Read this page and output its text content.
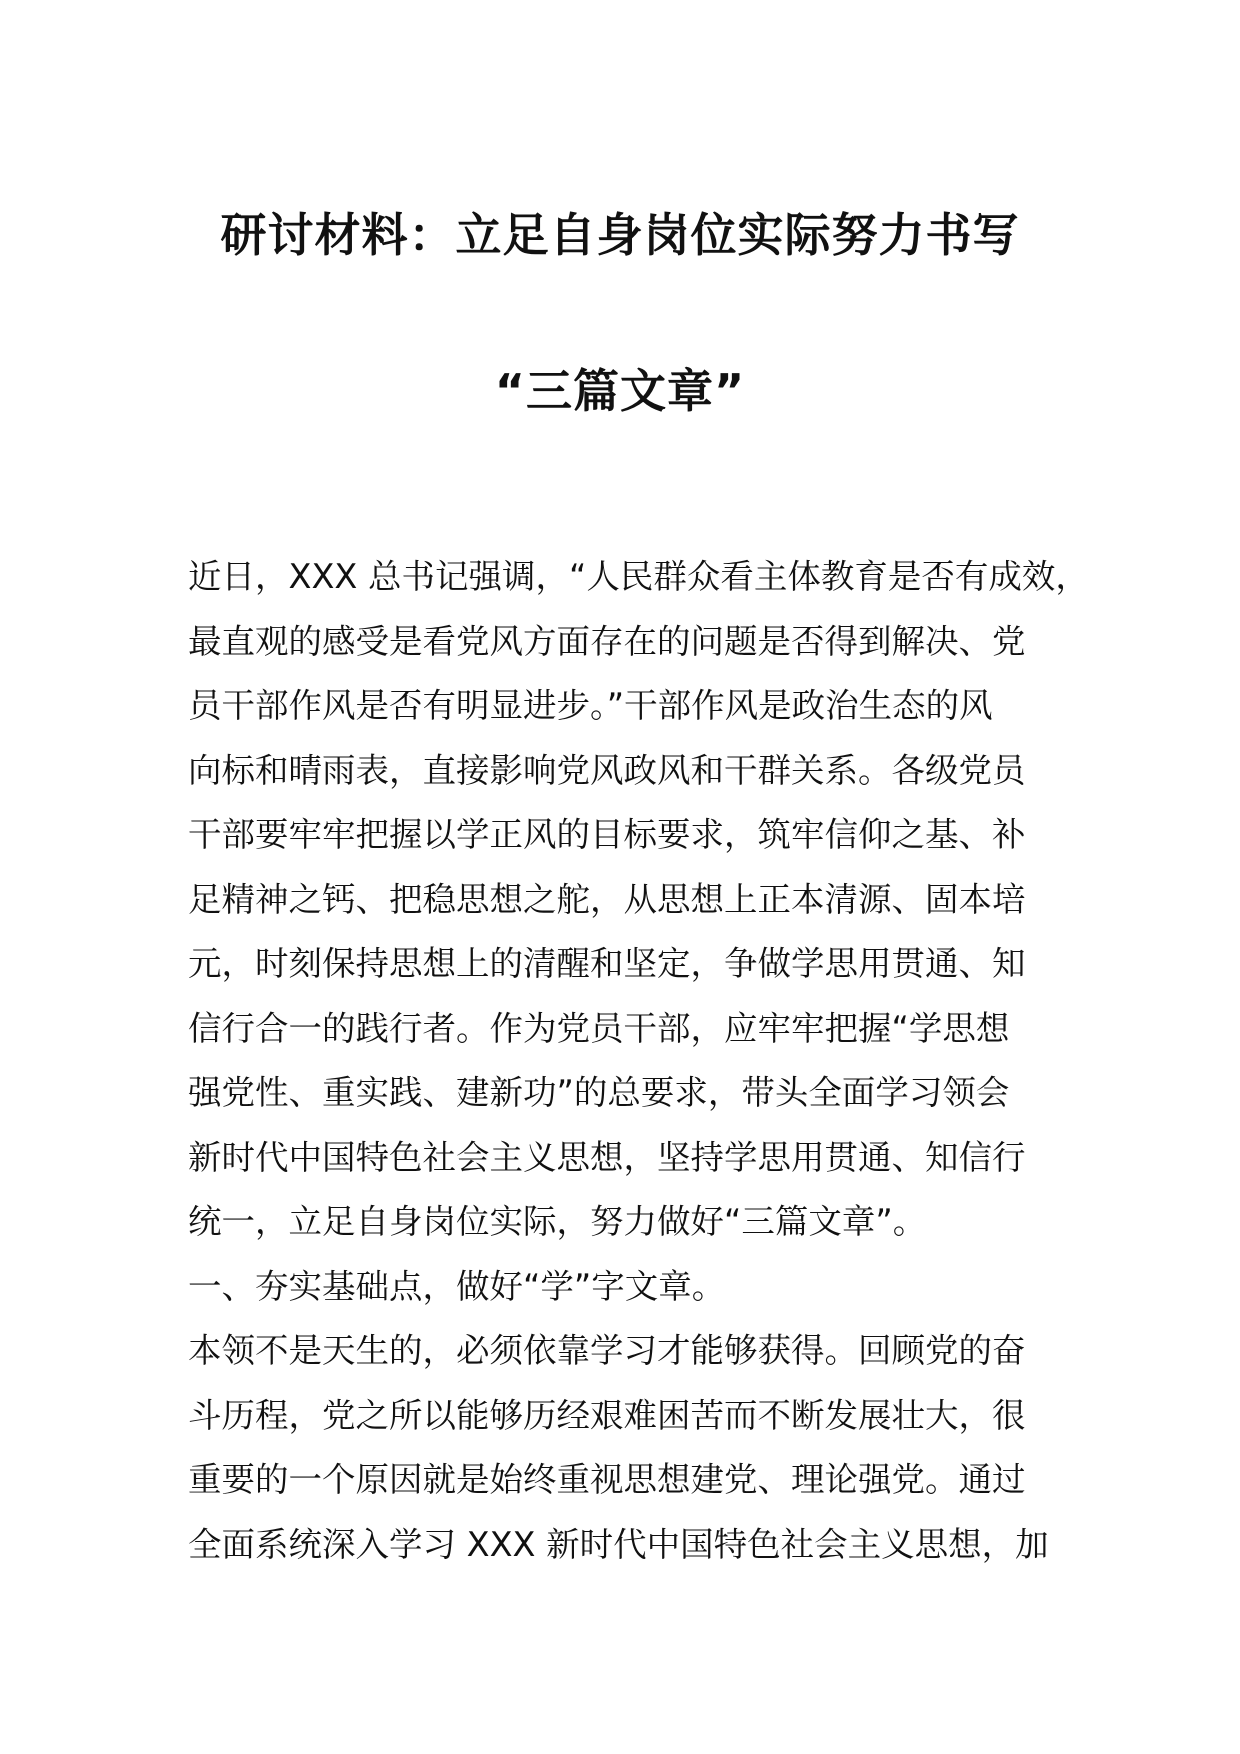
研讨材料：立足自身岗位实际努力书写
“三篇文章”
近日，XXX 总书记强调，“人民群众看主体教育是否有成效，
最直观的感受是看党风方面存在的问题是否得到解决、党
员干部作风是否有明显进步。”干部作风是政治生态的风
向标和晴雨表，直接影响党风政风和干群关系。各级党员
干部要牢牢把握以学正风的目标要求，筑牢信仰之基、补
足精神之钙、把稳思想之舵，从思想上正本清源、固本培
元，时刻保持思想上的清醒和坚定，争做学思用贯通、知
信行合一的践行者。作为党员干部，应牢牢把握“学思想
强党性、重实践、建新功”的总要求，带头全面学习领会
新时代中国特色社会主义思想，坚持学思用贯通、知信行
统一，立足自身岗位实际，努力做好“三篇文章”。
一、夯实基础点，做好“学”字文章。
本领不是天生的，必须依靠学习才能够获得。回顾党的奋
斗历程，党之所以能够历经艰难困苦而不断发展壮大，很
重要的一个原因就是始终重视思想建党、理论强党。通过
全面系统深入学习 XXX 新时代中国特色社会主义思想，加
